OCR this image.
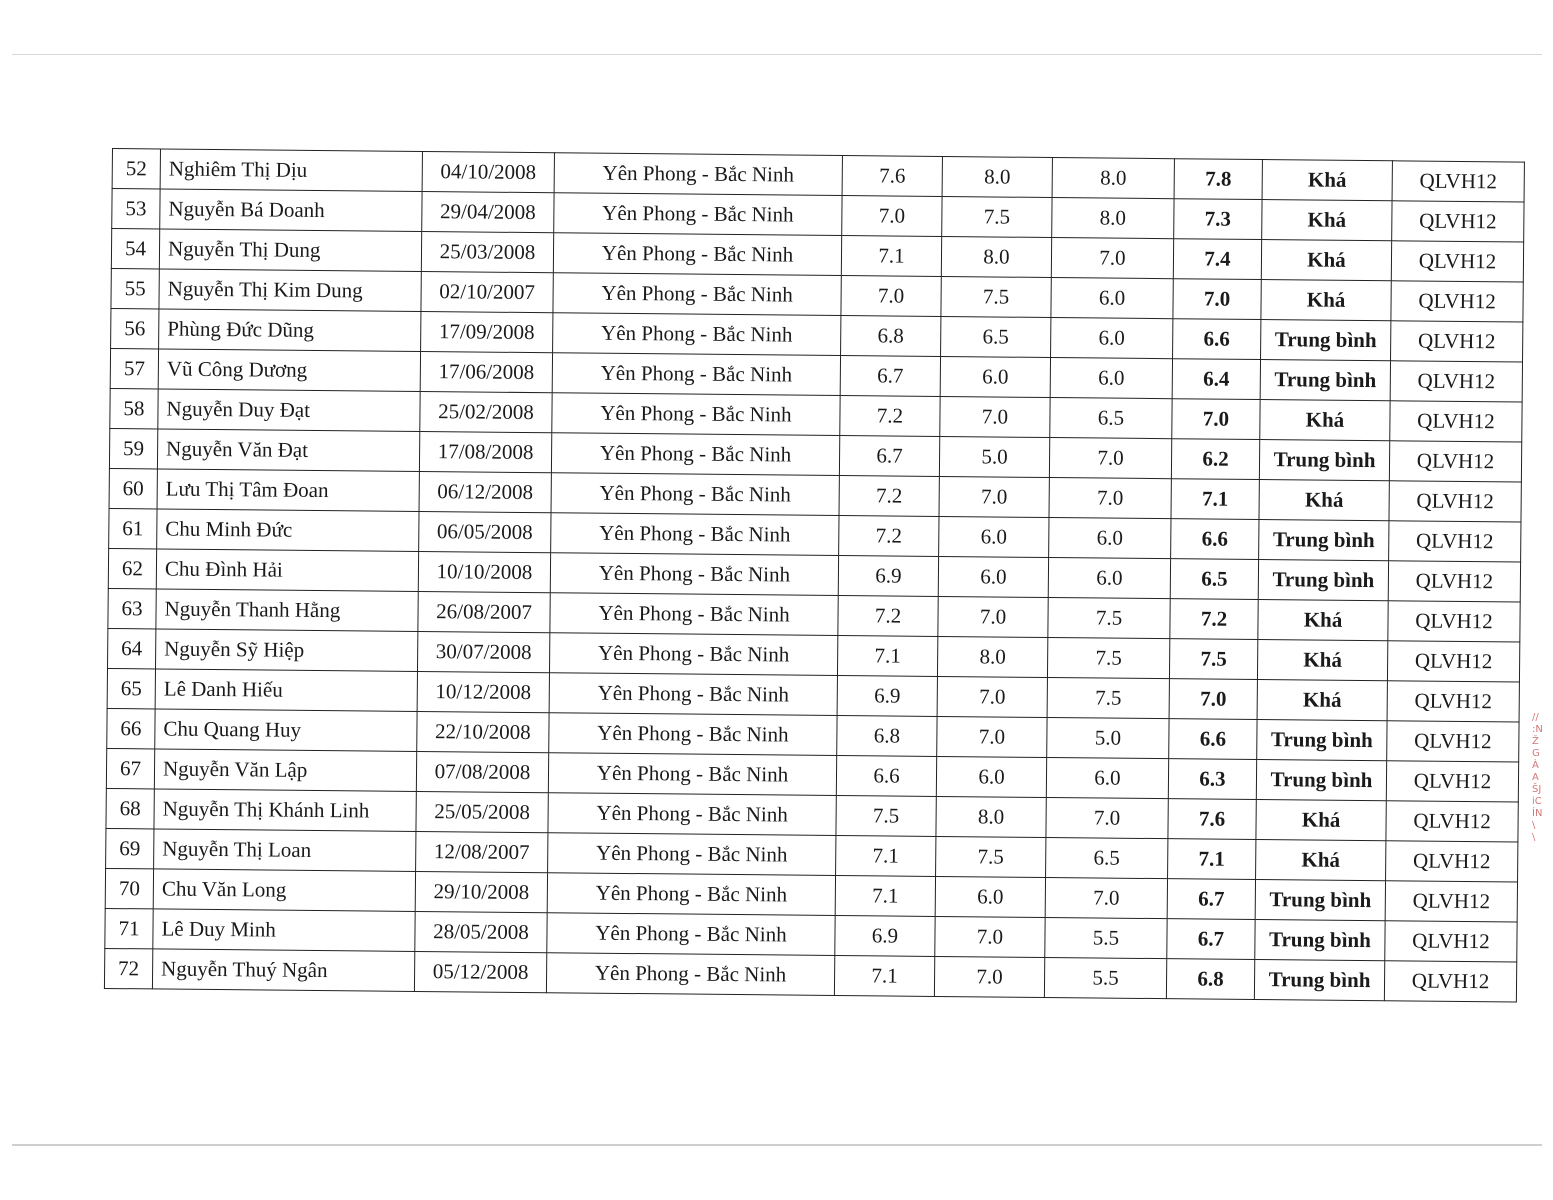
52	Nghiêm Thị Dịu	04/10/2008	Yên Phong - Bắc Ninh	7.6	8.0	8.0	7.8	Khá	QLVH12
53	Nguyễn Bá Doanh	29/04/2008	Yên Phong - Bắc Ninh	7.0	7.5	8.0	7.3	Khá	QLVH12
54	Nguyễn Thị Dung	25/03/2008	Yên Phong - Bắc Ninh	7.1	8.0	7.0	7.4	Khá	QLVH12
55	Nguyễn Thị Kim Dung	02/10/2007	Yên Phong - Bắc Ninh	7.0	7.5	6.0	7.0	Khá	QLVH12
56	Phùng Đức Dũng	17/09/2008	Yên Phong - Bắc Ninh	6.8	6.5	6.0	6.6	Trung bình	QLVH12
57	Vũ Công Dương	17/06/2008	Yên Phong - Bắc Ninh	6.7	6.0	6.0	6.4	Trung bình	QLVH12
58	Nguyễn Duy Đạt	25/02/2008	Yên Phong - Bắc Ninh	7.2	7.0	6.5	7.0	Khá	QLVH12
59	Nguyễn Văn Đạt	17/08/2008	Yên Phong - Bắc Ninh	6.7	5.0	7.0	6.2	Trung bình	QLVH12
60	Lưu Thị Tâm Đoan	06/12/2008	Yên Phong - Bắc Ninh	7.2	7.0	7.0	7.1	Khá	QLVH12
61	Chu Minh Đức	06/05/2008	Yên Phong - Bắc Ninh	7.2	6.0	6.0	6.6	Trung bình	QLVH12
62	Chu Đình Hải	10/10/2008	Yên Phong - Bắc Ninh	6.9	6.0	6.0	6.5	Trung bình	QLVH12
63	Nguyễn Thanh Hằng	26/08/2007	Yên Phong - Bắc Ninh	7.2	7.0	7.5	7.2	Khá	QLVH12
64	Nguyễn Sỹ Hiệp	30/07/2008	Yên Phong - Bắc Ninh	7.1	8.0	7.5	7.5	Khá	QLVH12
65	Lê Danh Hiếu	10/12/2008	Yên Phong - Bắc Ninh	6.9	7.0	7.5	7.0	Khá	QLVH12
66	Chu Quang Huy	22/10/2008	Yên Phong - Bắc Ninh	6.8	7.0	5.0	6.6	Trung bình	QLVH12
67	Nguyễn Văn Lập	07/08/2008	Yên Phong - Bắc Ninh	6.6	6.0	6.0	6.3	Trung bình	QLVH12
68	Nguyễn Thị Khánh Linh	25/05/2008	Yên Phong - Bắc Ninh	7.5	8.0	7.0	7.6	Khá	QLVH12
69	Nguyễn Thị Loan	12/08/2007	Yên Phong - Bắc Ninh	7.1	7.5	6.5	7.1	Khá	QLVH12
70	Chu Văn Long	29/10/2008	Yên Phong - Bắc Ninh	7.1	6.0	7.0	6.7	Trung bình	QLVH12
71	Lê Duy Minh	28/05/2008	Yên Phong - Bắc Ninh	6.9	7.0	5.5	6.7	Trung bình	QLVH12
72	Nguyễn Thuý Ngân	05/12/2008	Yên Phong - Bắc Ninh	7.1	7.0	5.5	6.8	Trung bình	QLVH12
//
:N
Ž
G
À
A
ŠJ
iC
ÍN
\
\
